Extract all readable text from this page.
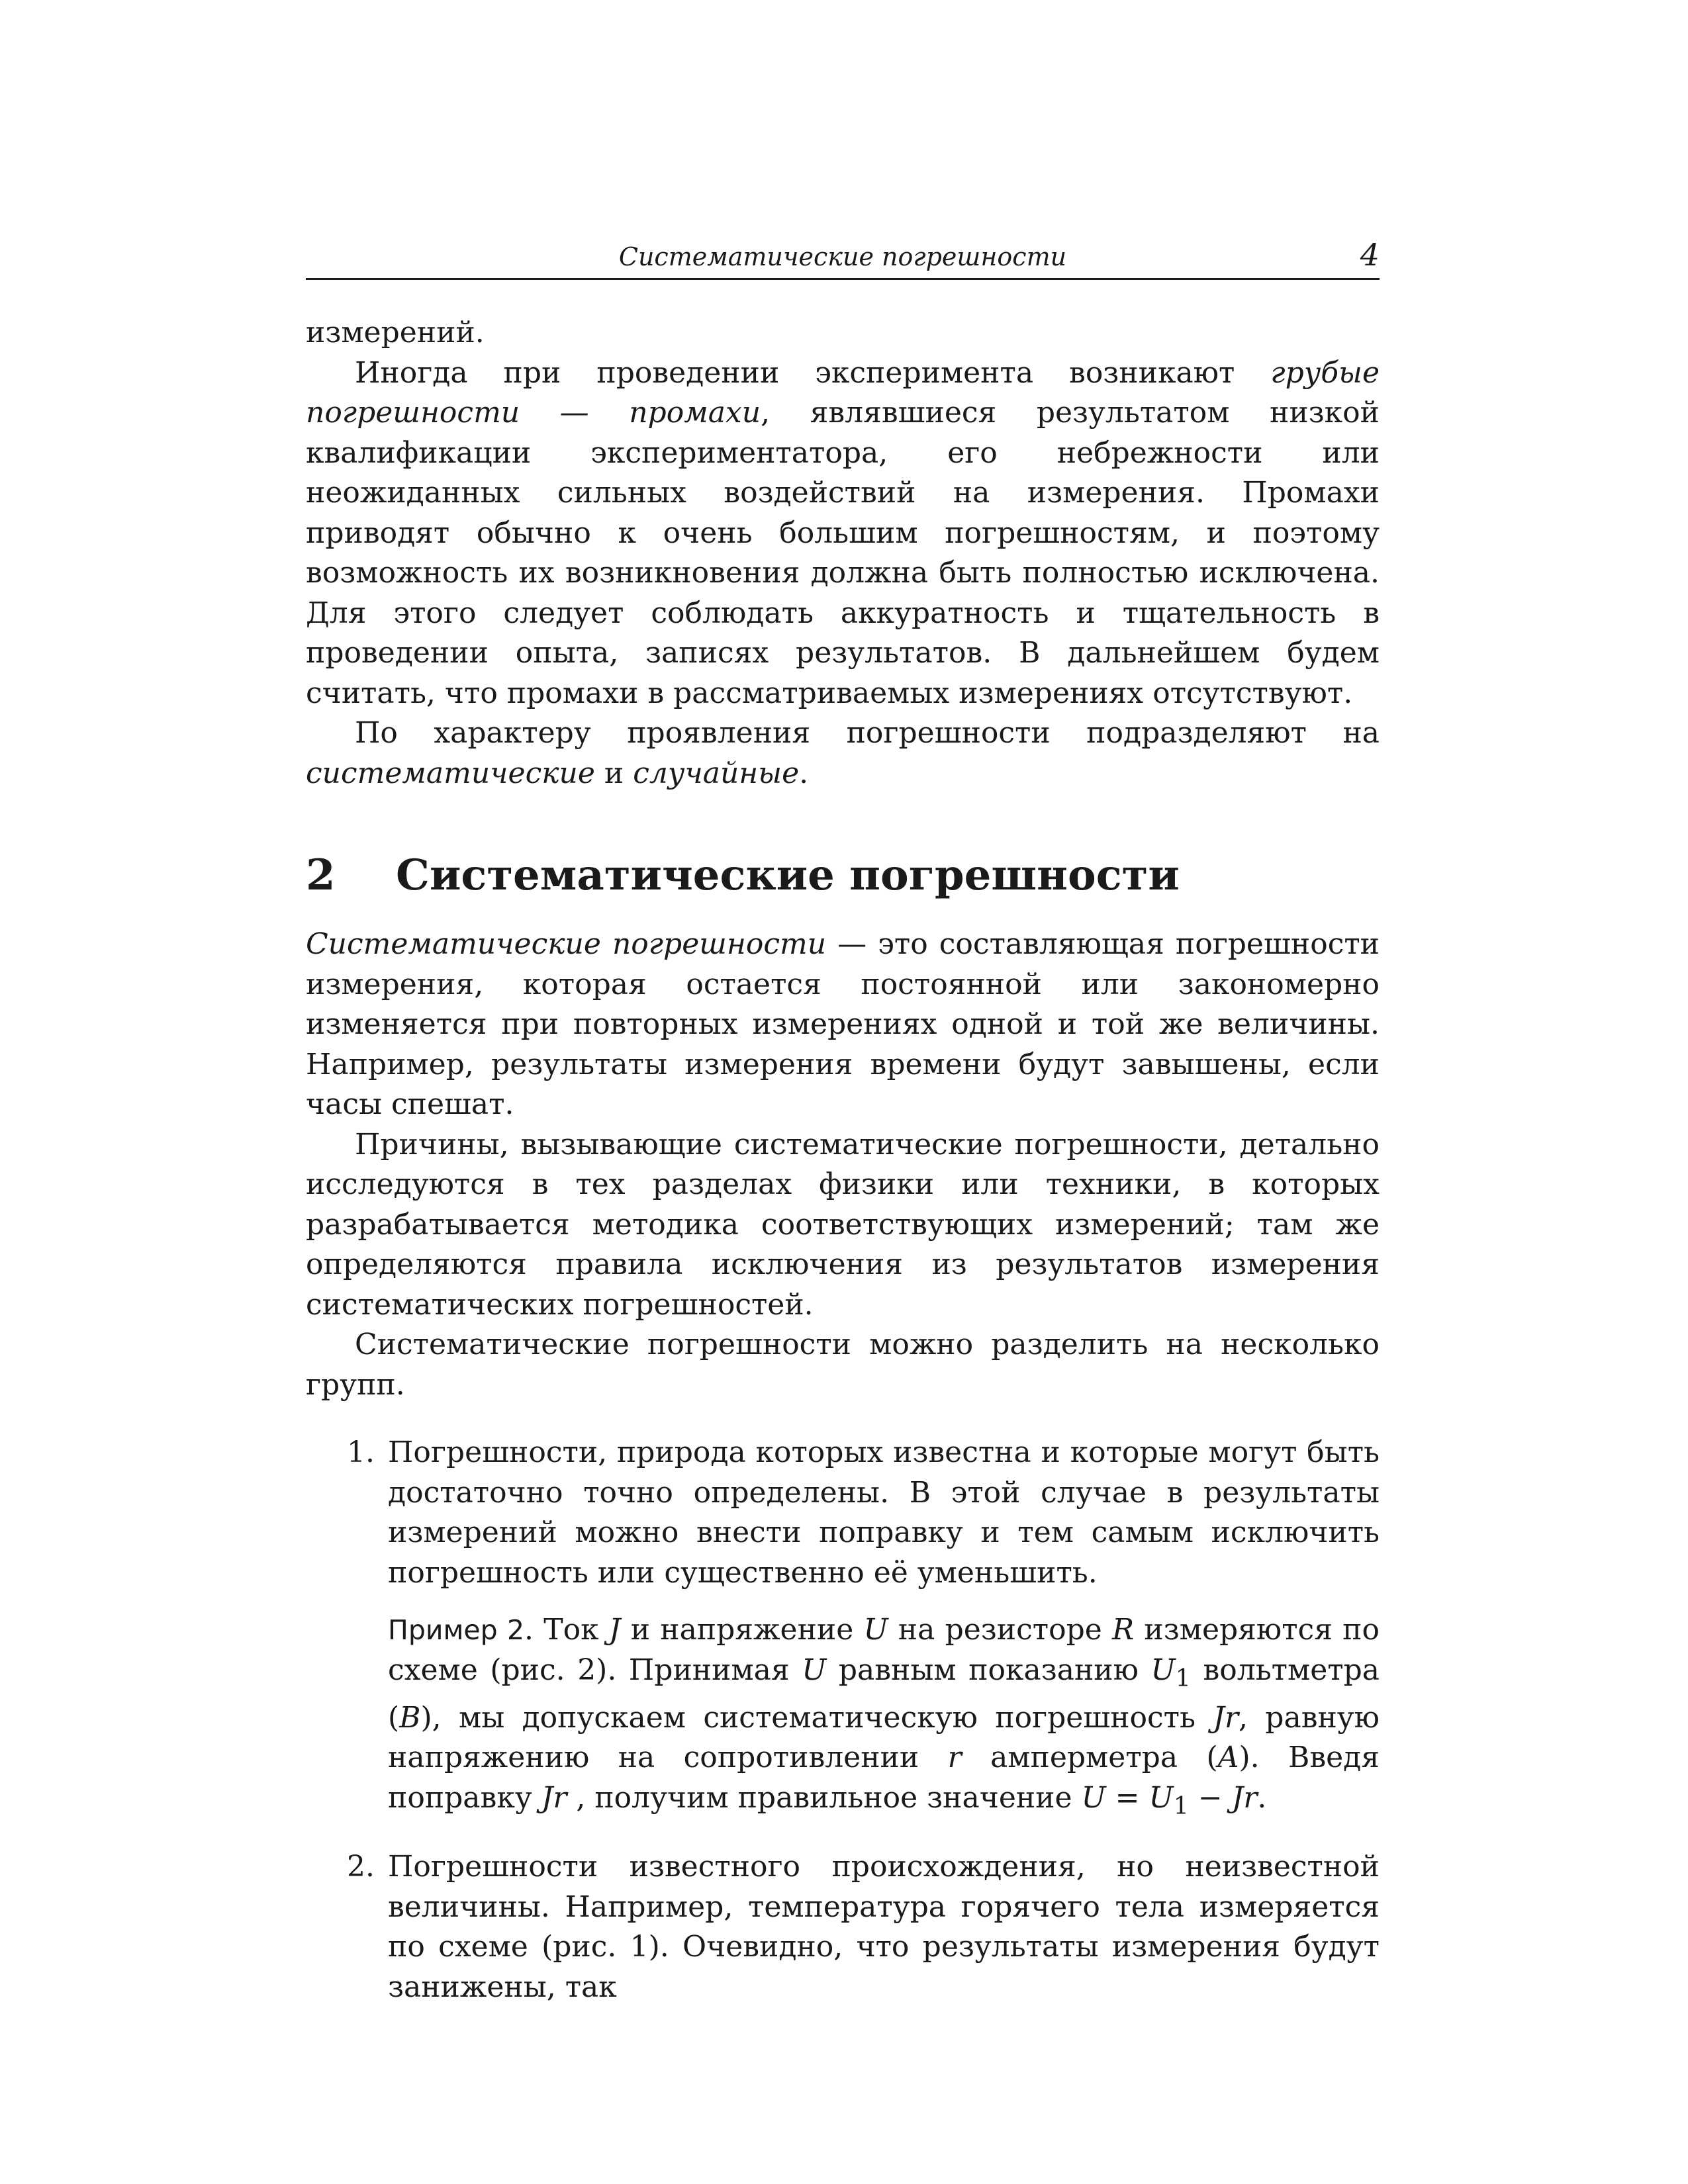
Систематические погрешности	4

измерений.

Иногда при проведении эксперимента возникают грубые погрешности — промахи, являвшиеся результатом низкой квалификации экспериментатора, его небрежности или неожиданных сильных воздействий на измерения. Промахи приводят обычно к очень большим погрешностям, и поэтому возможность их возникновения должна быть полностью исключена. Для этого следует соблюдать аккуратность и тщательность в проведении опыта, записях результатов. В дальнейшем будем считать, что промахи в рассматриваемых измерениях отсутствуют.

По характеру проявления погрешности подразделяют на систематические и случайные.

2 Систематические погрешности

Систематические погрешности — это составляющая погрешности измерения, которая остается постоянной или закономерно изменяется при повторных измерениях одной и той же величины. Например, результаты измерения времени будут завышены, если часы спешат.

Причины, вызывающие систематические погрешности, детально исследуются в тех разделах физики или техники, в которых разрабатывается методика соответствующих измерений; там же определяются правила исключения из результатов измерения систематических погрешностей.

Систематические погрешности можно разделить на несколько групп.

1. Погрешности, природа которых известна и которые могут быть достаточно точно определены. В этой случае в результаты измерений можно внести поправку и тем самым исключить погрешность или существенно её уменьшить.

Пример 2. Ток J и напряжение U на резисторе R измеряются по схеме (рис. 2). Принимая U равным показанию $U_1$ вольтметра (B), мы допускаем систематическую погрешность Jr, равную напряжению на сопротивлении r амперметра (A). Введя поправку Jr , получим правильное значение $U = U_1 - Jr$.

2. Погрешности известного происхождения, но неизвестной величины. Например, температура горячего тела измеряется по схеме (рис. 1). Очевидно, что результаты измерения будут занижены, так
